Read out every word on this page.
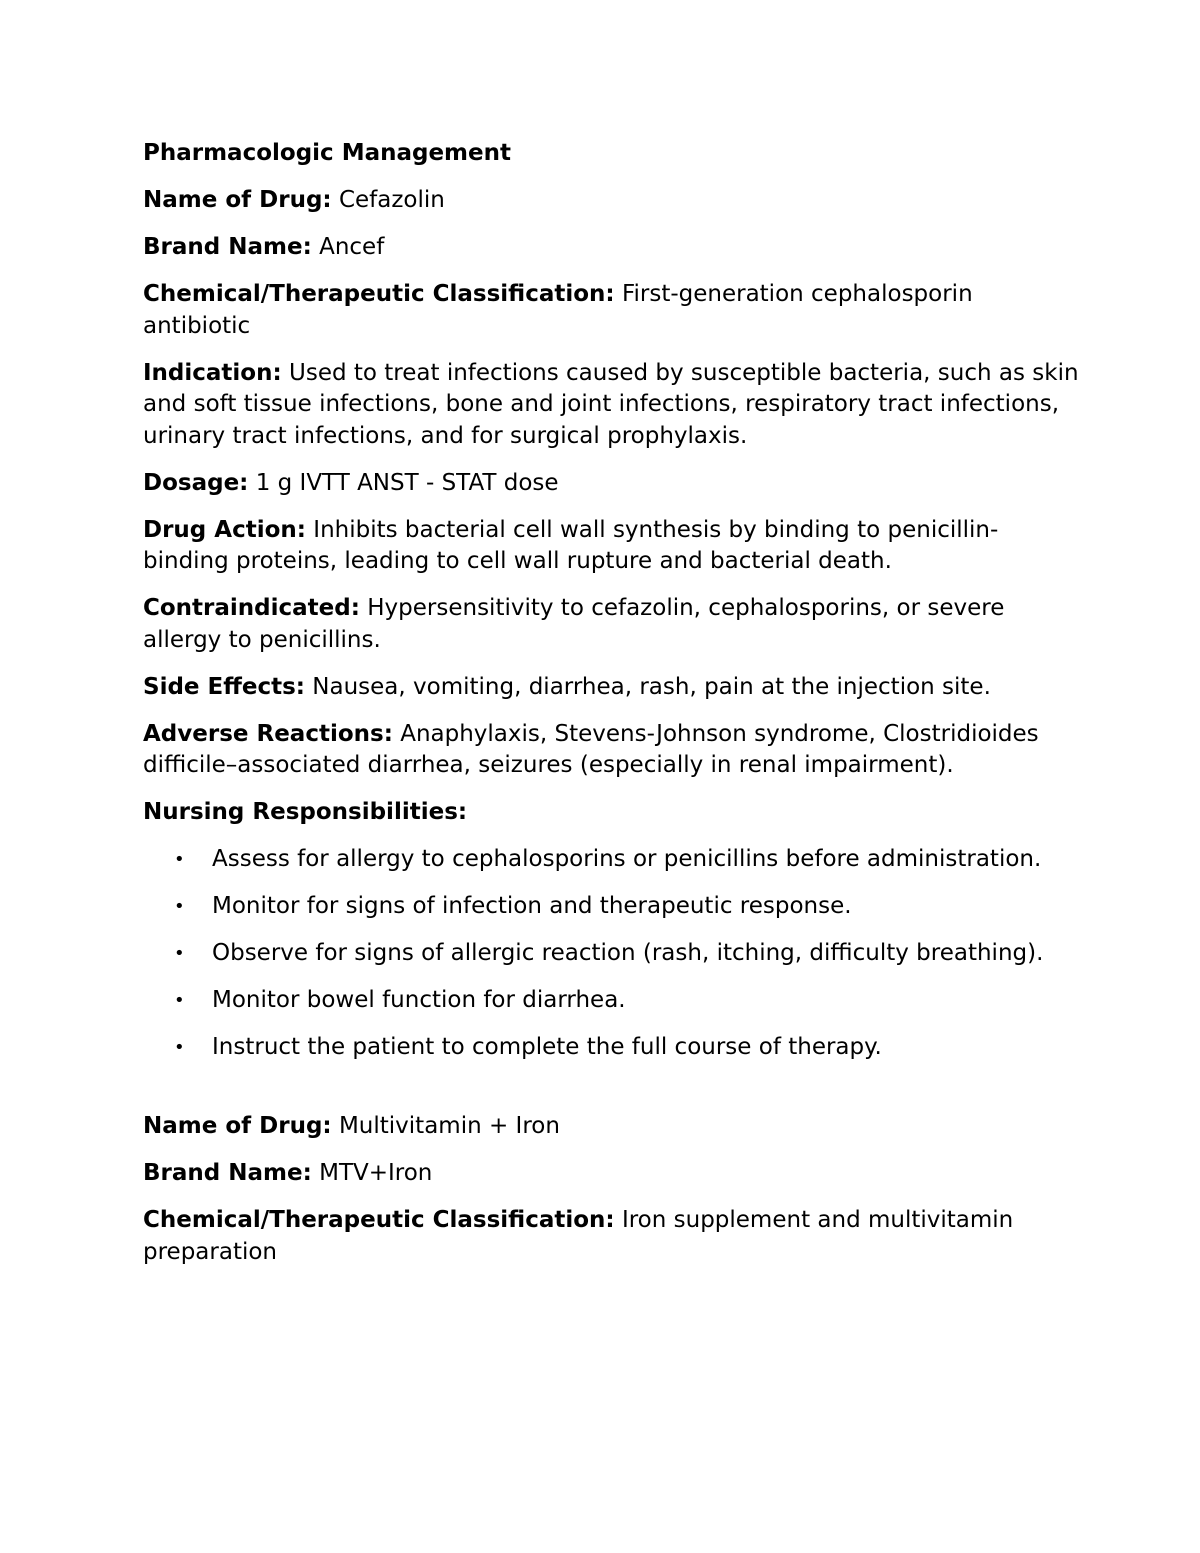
Pharmacologic Management

Name of Drug: Cefazolin

Brand Name: Ancef

Chemical/Therapeutic Classification: First-generation cephalosporin antibiotic

Indication: Used to treat infections caused by susceptible bacteria, such as skin and soft tissue infections, bone and joint infections, respiratory tract infections, urinary tract infections, and for surgical prophylaxis.

Dosage: 1 g IVTT ANST - STAT dose

Drug Action: Inhibits bacterial cell wall synthesis by binding to penicillin-binding proteins, leading to cell wall rupture and bacterial death.

Contraindicated: Hypersensitivity to cefazolin, cephalosporins, or severe allergy to penicillins.

Side Effects: Nausea, vomiting, diarrhea, rash, pain at the injection site.

Adverse Reactions: Anaphylaxis, Stevens-Johnson syndrome, Clostridioides difficile–associated diarrhea, seizures (especially in renal impairment).

Nursing Responsibilities:

• Assess for allergy to cephalosporins or penicillins before administration.
• Monitor for signs of infection and therapeutic response.
• Observe for signs of allergic reaction (rash, itching, difficulty breathing).
• Monitor bowel function for diarrhea.
• Instruct the patient to complete the full course of therapy.

Name of Drug: Multivitamin + Iron

Brand Name: MTV+Iron

Chemical/Therapeutic Classification: Iron supplement and multivitamin preparation
